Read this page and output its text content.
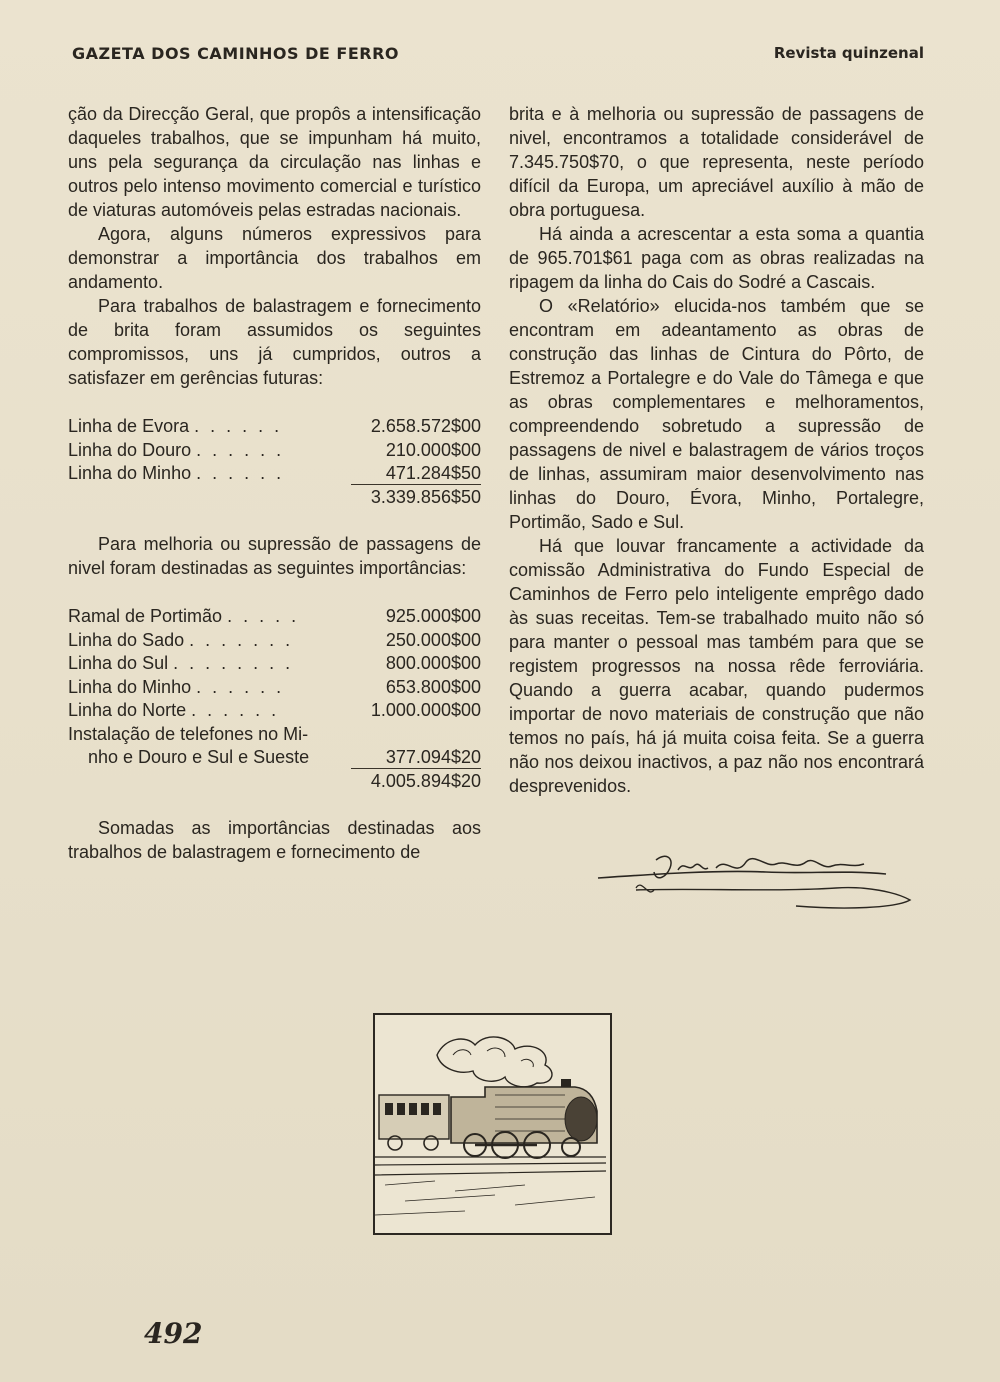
GAZETA DOS CAMINHOS DE FERRO	Revista quinzenal

ção da Direcção Geral, que propôs a intensificação daqueles trabalhos, que se impunham há muito, uns pela segurança da circulação nas linhas e outros pelo intenso movimento comercial e turístico de viaturas automóveis pelas estradas nacionais.

Agora, alguns números expressivos para demonstrar a importância dos trabalhos em andamento.

Para trabalhos de balastragem e fornecimento de brita foram assumidos os seguintes compromissos, uns já cumpridos, outros a satisfazer em gerências futuras:

Linha de Evora . . . . . .	2.658.572$00
Linha do Douro . . . . . .	210.000$00
Linha do Minho . . . . . .	471.284$50
3.339.856$50

Para melhoria ou supressão de passagens de nivel foram destinadas as seguintes importâncias:

Ramal de Portimão . . . . .	925.000$00
Linha do Sado . . . . . . .	250.000$00
Linha do Sul . . . . . . . .	800.000$00
Linha do Minho . . . . . .	653.800$00
Linha do Norte . . . . . .	1.000.000$00
Instalação de telefones no Mi-
nho e Douro e Sul e Sueste	377.094$20
4.005.894$20

Somadas as importâncias destinadas aos trabalhos de balastragem e fornecimento de

brita e à melhoria ou supressão de passagens de nivel, encontramos a totalidade considerável de 7.345.750$70, o que representa, neste período difícil da Europa, um apreciável auxílio à mão de obra portuguesa.

Há ainda a acrescentar a esta soma a quantia de 965.701$61 paga com as obras realizadas na ripagem da linha do Cais do Sodré a Cascais.

O «Relatório» elucida-nos também que se encontram em adeantamento as obras de construção das linhas de Cintura do Pôrto, de Estremoz a Portalegre e do Vale do Tâmega e que as obras complementares e melhoramentos, compreendendo sobretudo a supressão de passagens de nivel e balastragem de vários troços de linhas, assumiram maior desenvolvimento nas linhas do Douro, Évora, Minho, Portalegre, Portimão, Sado e Sul.

Há que louvar francamente a actividade da comissão Administrativa do Fundo Especial de Caminhos de Ferro pelo inteligente emprêgo dado às suas receitas. Tem-se trabalhado muito não só para manter o pessoal mas também para que se registem progressos na nossa rêde ferroviária. Quando a guerra acabar, quando pudermos importar de novo materiais de construção que não temos no país, há já muita coisa feita. Se a guerra não nos deixou inactivos, a paz não nos encontrará desprevenidos.

492
